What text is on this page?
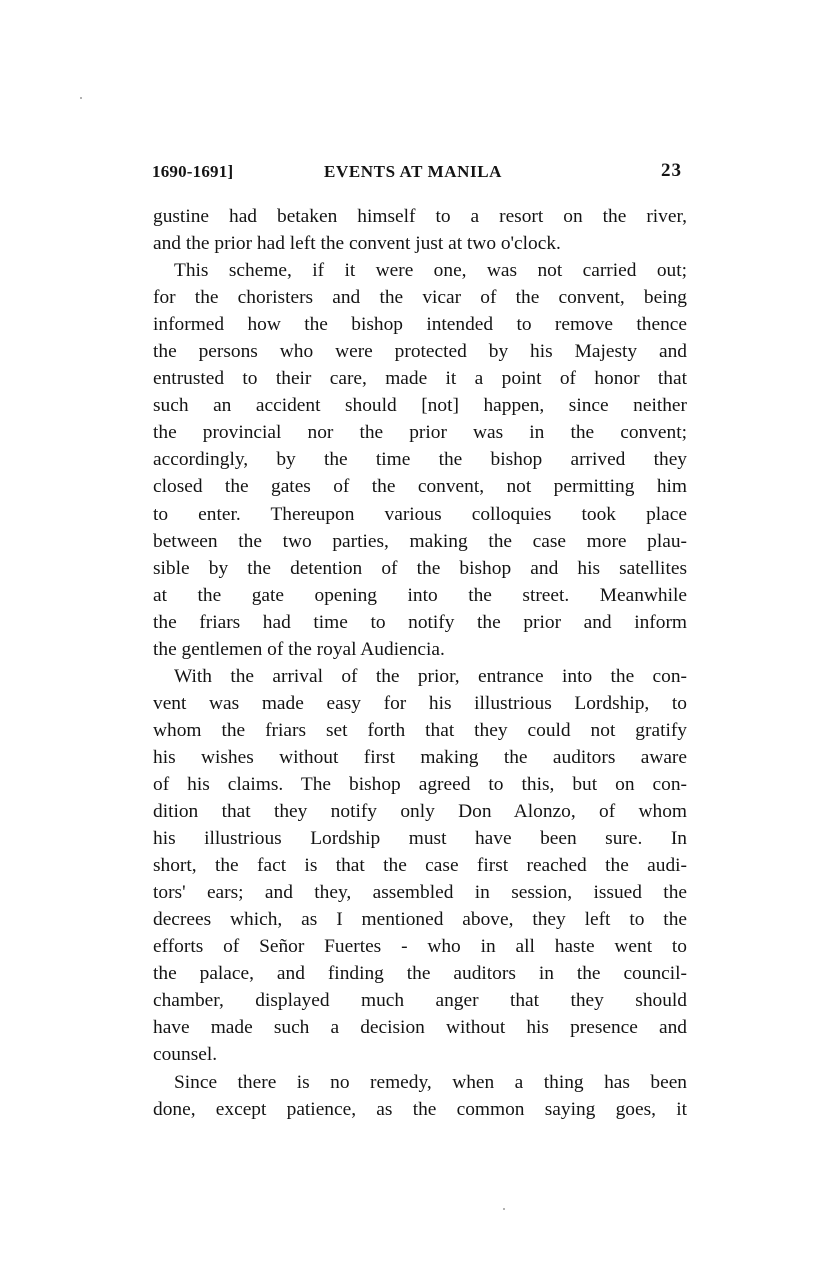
1690-1691]	EVENTS AT MANILA	23
gustine had betaken himself to a resort on the river,
and the prior had left the convent just at two o'clock.
This scheme, if it were one, was not carried out;
for the choristers and the vicar of the convent, being
informed how the bishop intended to remove thence
the persons who were protected by his Majesty and
entrusted to their care, made it a point of honor that
such an accident should [not] happen, since neither
the provincial nor the prior was in the convent;
accordingly, by the time the bishop arrived they
closed the gates of the convent, not permitting him
to enter. Thereupon various colloquies took place
between the two parties, making the case more plau-
sible by the detention of the bishop and his satellites
at the gate opening into the street. Meanwhile
the friars had time to notify the prior and inform
the gentlemen of the royal Audiencia.
With the arrival of the prior, entrance into the con-
vent was made easy for his illustrious Lordship, to
whom the friars set forth that they could not gratify
his wishes without first making the auditors aware
of his claims. The bishop agreed to this, but on con-
dition that they notify only Don Alonzo, of whom
his illustrious Lordship must have been sure. In
short, the fact is that the case first reached the audi-
tors' ears; and they, assembled in session, issued the
decrees which, as I mentioned above, they left to the
efforts of Señor Fuertes - who in all haste went to
the palace, and finding the auditors in the council-
chamber, displayed much anger that they should
have made such a decision without his presence and
counsel.
Since there is no remedy, when a thing has been
done, except patience, as the common saying goes, it
